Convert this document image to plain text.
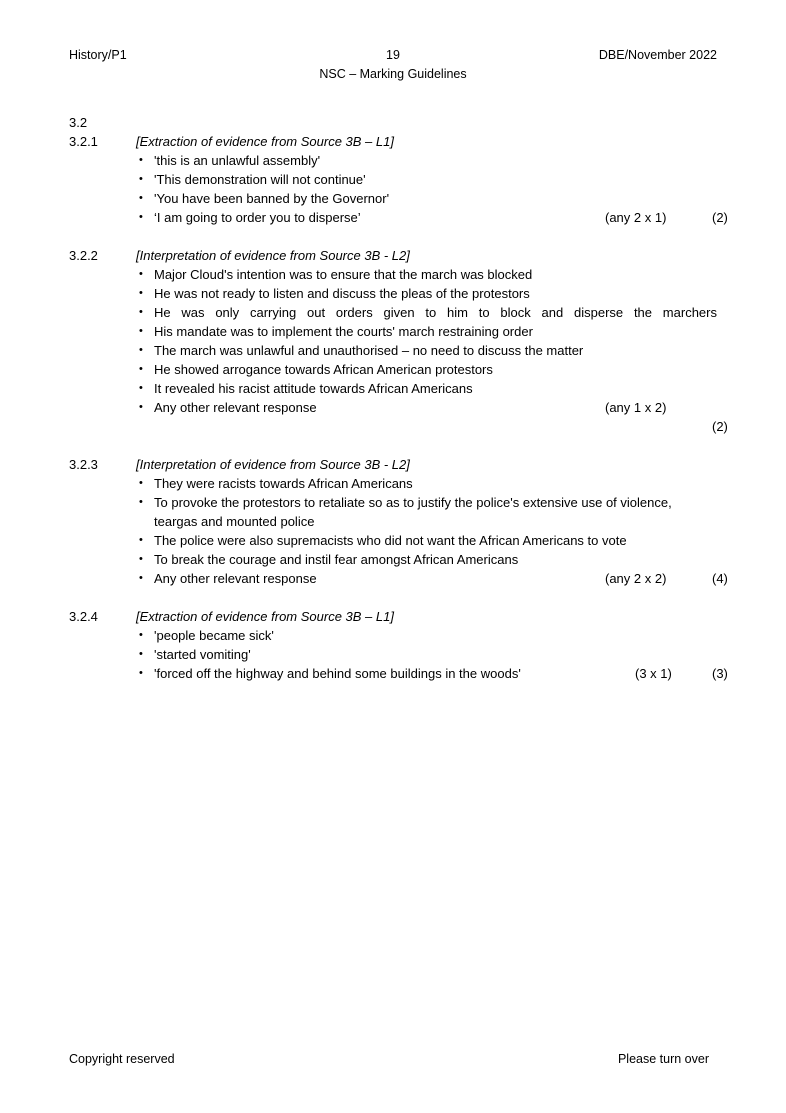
History/P1	19	DBE/November 2022
NSC – Marking Guidelines
3.2
3.2.1	[Extraction of evidence from Source 3B – L1]
• 'this is an unlawful assembly'
• 'This demonstration will not continue'
• 'You have been banned by the Governor'
• ‘I am going to order you to disperse’	(any 2 x 1)	(2)
3.2.2	[Interpretation of evidence from Source 3B - L2]
• Major Cloud's intention was to ensure that the march was blocked
• He was not ready to listen and discuss the pleas of the protestors
• He was only carrying out orders given to him to block and disperse the marchers
• His mandate was to implement the courts' march restraining order
• The march was unlawful and unauthorised – no need to discuss the matter
• He showed arrogance towards African American protestors
• It revealed his racist attitude towards African Americans
• Any other relevant response	(any 1 x 2)
(2)
3.2.3	[Interpretation of evidence from Source 3B - L2]
• They were racists towards African Americans
• To provoke the protestors to retaliate so as to justify the police's extensive use of violence, teargas and mounted police
• The police were also supremacists who did not want the African Americans to vote
• To break the courage and instil fear amongst African Americans
• Any other relevant response	(any 2 x 2)	(4)
3.2.4	[Extraction of evidence from Source 3B – L1]
• 'people became sick'
• 'started vomiting'
• 'forced off the highway and behind some buildings in the woods'	(3 x 1)	(3)
Copyright reserved	Please turn over
